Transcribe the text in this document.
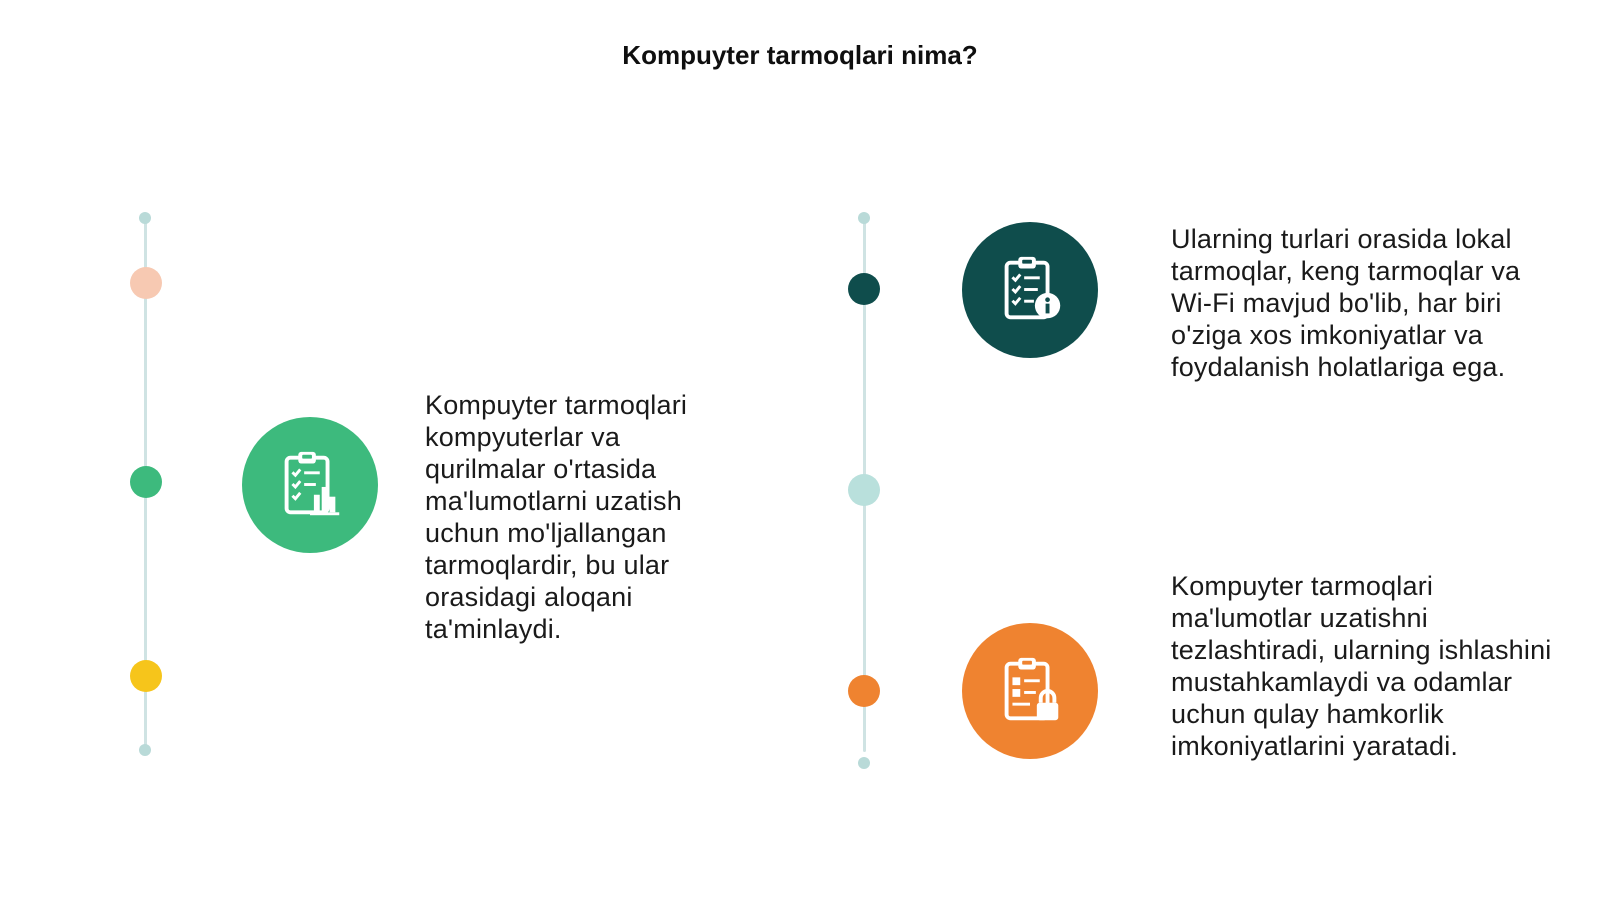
Kompuyter tarmoqlari nima?
Kompuyter tarmoqlari kompyuterlar va qurilmalar o'rtasida ma'lumotlarni uzatish uchun mo'ljallangan tarmoqlardir, bu ular orasidagi aloqani ta'minlaydi.
Ularning turlari orasida lokal tarmoqlar, keng tarmoqlar va Wi-Fi mavjud bo'lib, har biri o'ziga xos imkoniyatlar va foydalanish holatlariga ega.
Kompuyter tarmoqlari ma'lumotlar uzatishni tezlashtiradi, ularning ishlashini mustahkamlaydi va odamlar uchun qulay hamkorlik imkoniyatlarini yaratadi.
